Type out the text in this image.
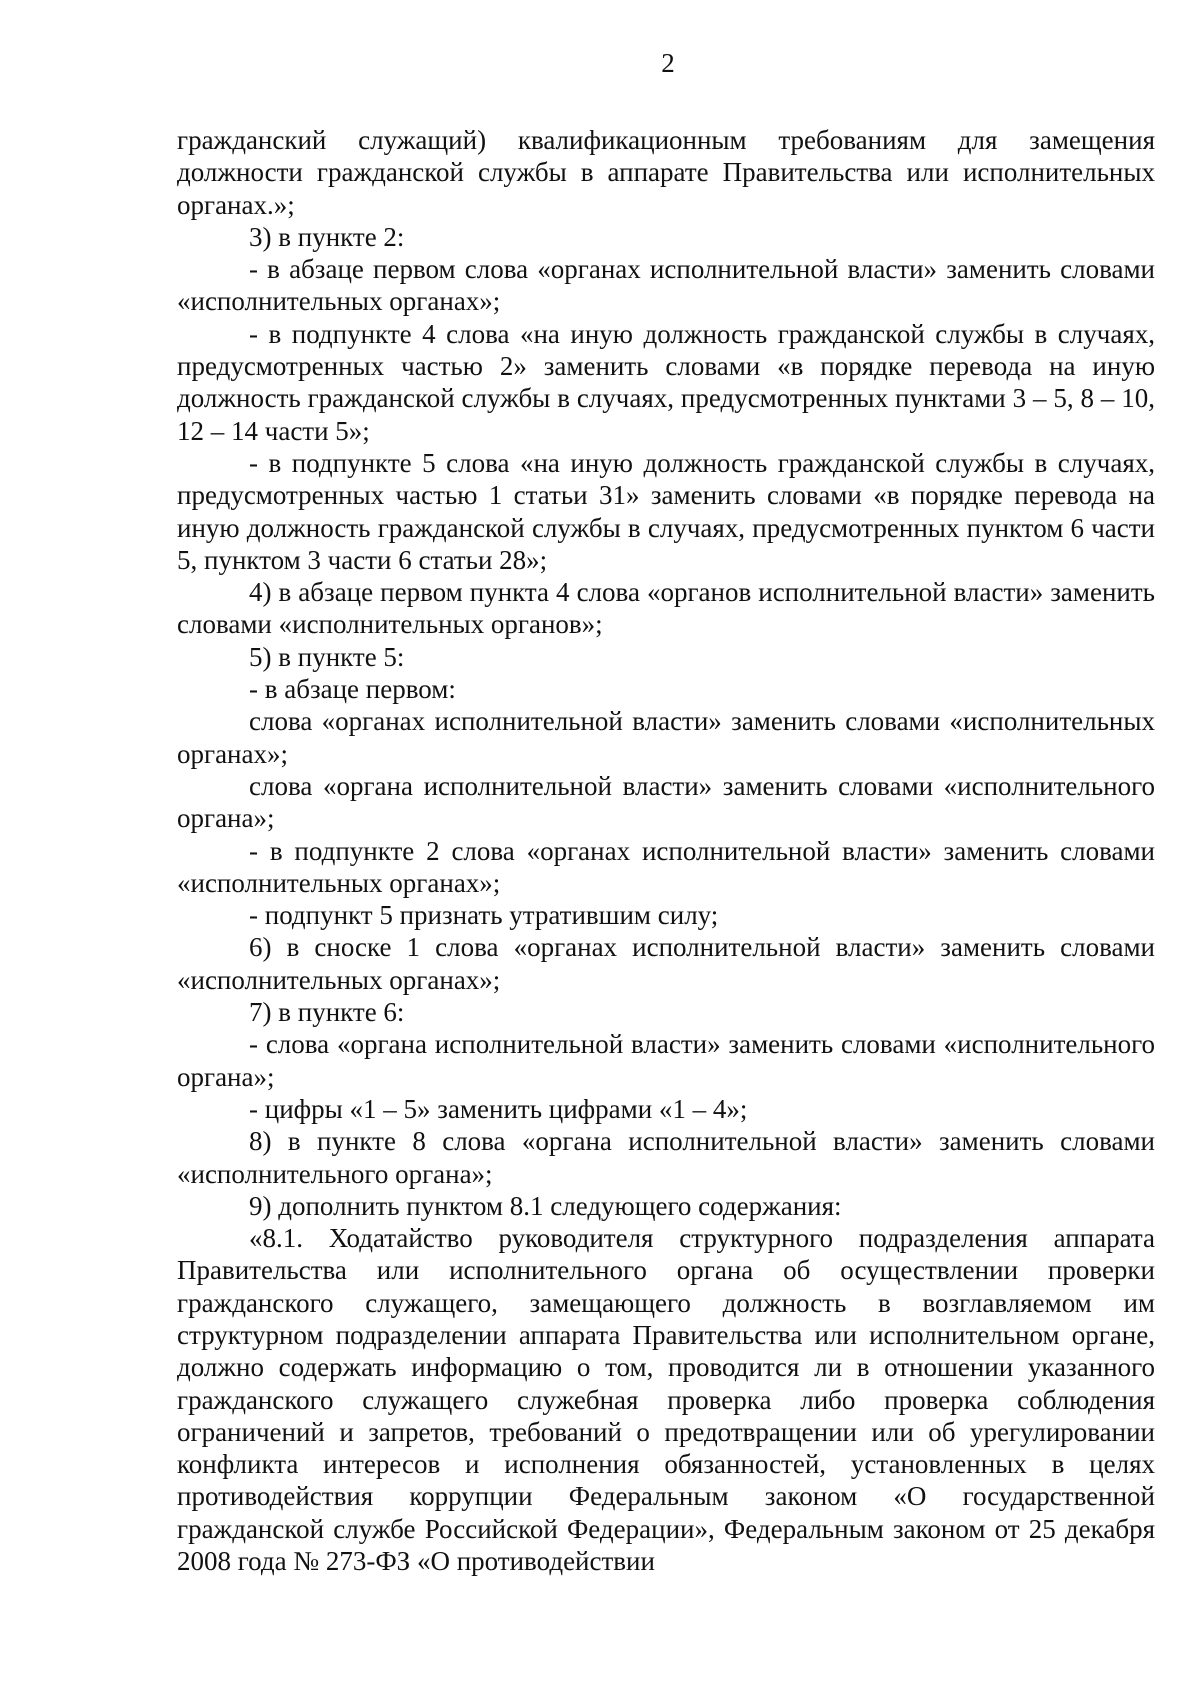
2

гражданский служащий) квалификационным требованиям для замещения должности гражданской службы в аппарате Правительства или исполнительных органах.»;

3) в пункте 2:

- в абзаце первом слова «органах исполнительной власти» заменить словами «исполнительных органах»;

- в подпункте 4 слова «на иную должность гражданской службы в случаях, предусмотренных частью 2» заменить словами «в порядке перевода на иную должность гражданской службы в случаях, предусмотренных пунктами 3 – 5, 8 – 10, 12 – 14 части 5»;

- в подпункте 5 слова «на иную должность гражданской службы в случаях, предусмотренных частью 1 статьи 31» заменить словами «в порядке перевода на иную должность гражданской службы в случаях, предусмотренных пунктом 6 части 5, пунктом 3 части 6 статьи 28»;

4) в абзаце первом пункта 4 слова «органов исполнительной власти» заменить словами «исполнительных органов»;

5) в пункте 5:

- в абзаце первом:

слова «органах исполнительной власти» заменить словами «исполнительных органах»;

слова «органа исполнительной власти» заменить словами «исполнительного органа»;

- в подпункте 2 слова «органах исполнительной власти» заменить словами «исполнительных органах»;

- подпункт 5 признать утратившим силу;

6) в сноске 1 слова «органах исполнительной власти» заменить словами «исполнительных органах»;

7) в пункте 6:

- слова «органа исполнительной власти» заменить словами «исполнительного органа»;

- цифры «1 – 5» заменить цифрами «1 – 4»;

8) в пункте 8 слова «органа исполнительной власти» заменить словами «исполнительного органа»;

9) дополнить пунктом 8.1 следующего содержания:

«8.1. Ходатайство руководителя структурного подразделения аппарата Правительства или исполнительного органа об осуществлении проверки гражданского служащего, замещающего должность в возглавляемом им структурном подразделении аппарата Правительства или исполнительном органе, должно содержать информацию о том, проводится ли в отношении указанного гражданского служащего служебная проверка либо проверка соблюдения ограничений и запретов, требований о предотвращении или об урегулировании конфликта интересов и исполнения обязанностей, установленных в целях противодействия коррупции Федеральным законом «О государственной гражданской службе Российской Федерации», Федеральным законом от 25 декабря 2008 года № 273-ФЗ «О противодействии
